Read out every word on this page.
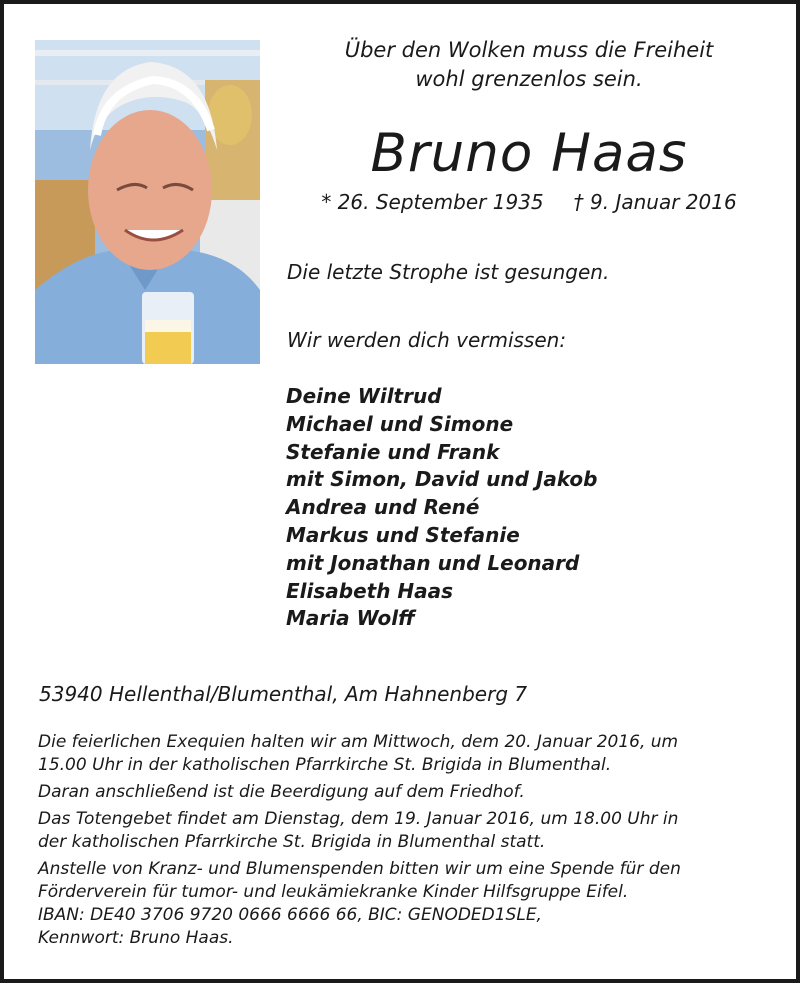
Über den Wolken muss die Freiheit
wohl grenzenlos sein.
Bruno Haas
* 26. September 1935 † 9. Januar 2016
Die letzte Strophe ist gesungen.
Wir werden dich vermissen:
Deine Wiltrud
Michael und Simone
Stefanie und Frank
mit Simon, David und Jakob
Andrea und René
Markus und Stefanie
mit Jonathan und Leonard
Elisabeth Haas
Maria Wolff
53940 Hellenthal/Blumenthal, Am Hahnenberg 7

Die feierlichen Exequien halten wir am Mittwoch, dem 20. Januar 2016, um
15.00 Uhr in der katholischen Pfarrkirche St. Brigida in Blumenthal.

Daran anschließend ist die Beerdigung auf dem Friedhof.

Das Totengebet findet am Dienstag, dem 19. Januar 2016, um 18.00 Uhr in
der katholischen Pfarrkirche St. Brigida in Blumenthal statt.

Anstelle von Kranz- und Blumenspenden bitten wir um eine Spende für den
Förderverein für tumor- und leukämiekranke Kinder Hilfsgruppe Eifel.
IBAN: DE40 3706 9720 0666 6666 66, BIC: GENODED1SLE,
Kennwort: Bruno Haas.
